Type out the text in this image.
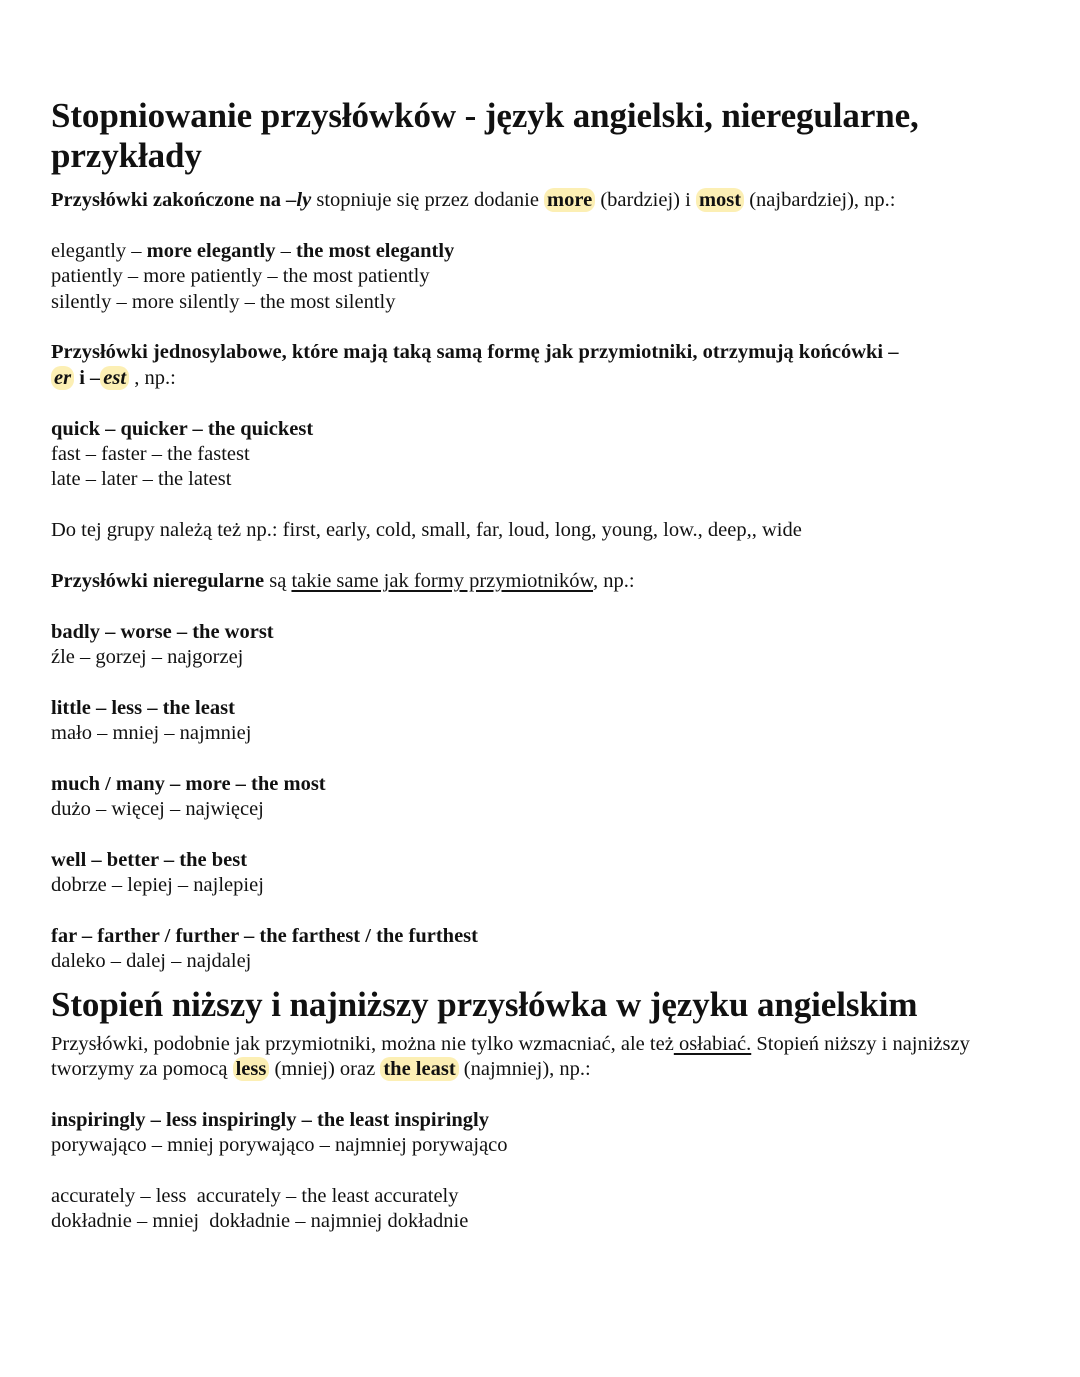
Stopniowanie przysłówków - język angielski, nieregularne, przykłady
Przysłówki zakończone na –ly stopniuje się przez dodanie more (bardziej) i most (najbardziej), np.:
elegantly – more elegantly – the most elegantly
patiently – more patiently – the most patiently
silently – more silently – the most silently
Przysłówki jednosylabowe, które mają taką samą formę jak przymiotniki, otrzymują końcówki –
er i – est , np.:
quick – quicker – the quickest
fast – faster – the fastest
late – later – the latest
Do tej grupy należą też np.: first, early, cold, small, far, loud, long, young, low., deep,, wide
Przysłówki nieregularne są takie same jak formy przymiotników, np.:
badly – worse – the worst
źle – gorzej – najgorzej
little – less – the least
mało – mniej – najmniej
much / many – more – the most
dużo – więcej – najwięcej
well – better – the best
dobrze – lepiej – najlepiej
far – farther / further – the farthest / the furthest
daleko – dalej – najdalej
Stopień niższy i najniższy przysłówka w języku angielskim
Przysłówki, podobnie jak przymiotniki, można nie tylko wzmacniać, ale też osłabiać. Stopień niższy i najniższy
tworzymy za pomocą less (mniej) oraz the least (najmniej), np.:
inspiringly – less inspiringly – the least inspiringly
porywająco – mniej porywająco – najmniej porywająco
accurately – less  accurately – the least accurately
dokładnie – mniej  dokładnie – najmniej dokładnie
